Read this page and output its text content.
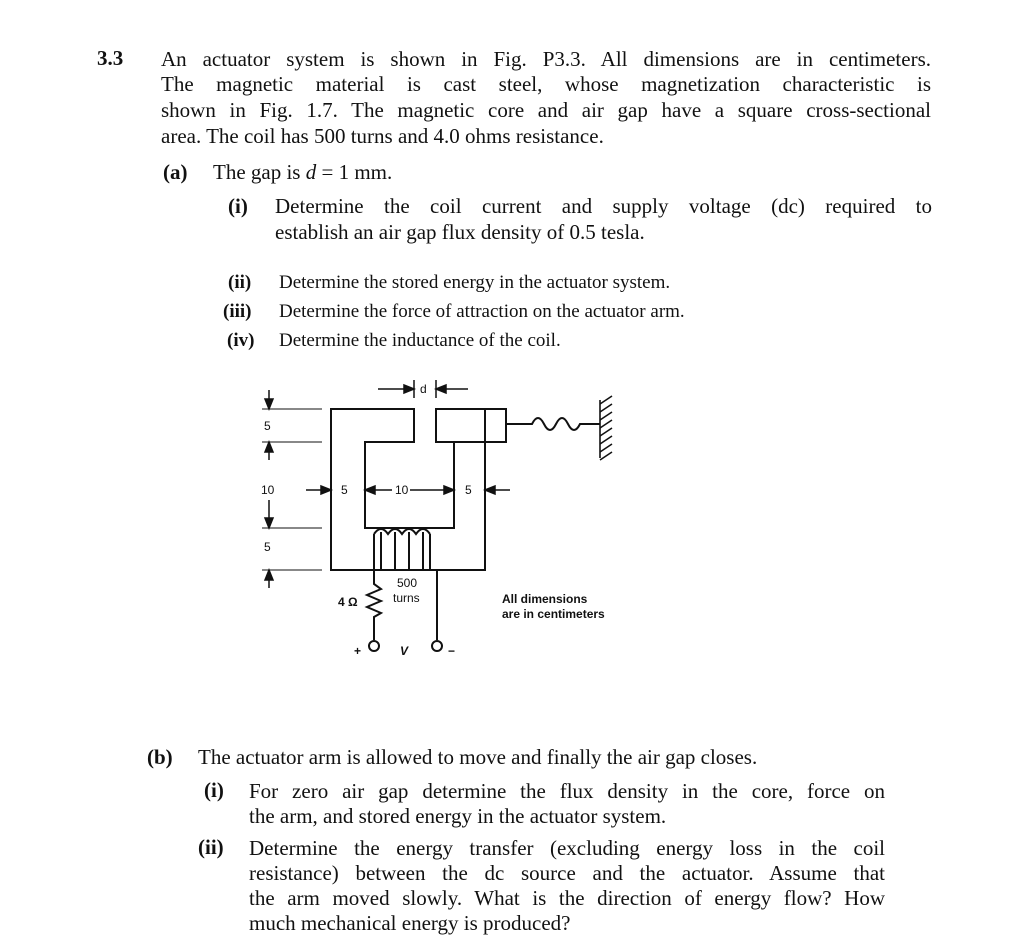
3.3 An actuator system is shown in Fig. P3.3. All dimensions are in centimeters.
The magnetic material is cast steel, whose magnetization characteristic is
shown in Fig. 1.7. The magnetic core and air gap have a square cross-sectional
area. The coil has 500 turns and 4.0 ohms resistance.
(a) The gap is d = 1 mm.
(i) Determine the coil current and supply voltage (dc) required to
establish an air gap flux density of 0.5 tesla.
(ii) Determine the stored energy in the actuator system.
(iii) Determine the force of attraction on the actuator arm.
(iv) Determine the inductance of the coil.
d
5
10
5
5	10	5
4 Ω
500
turns
+	V	−
All dimensions
are in centimeters
(b) The actuator arm is allowed to move and finally the air gap closes.
(i) For zero air gap determine the flux density in the core, force on
the arm, and stored energy in the actuator system.
(ii) Determine the energy transfer (excluding energy loss in the coil
resistance) between the dc source and the actuator. Assume that
the arm moved slowly. What is the direction of energy flow? How
much mechanical energy is produced?
